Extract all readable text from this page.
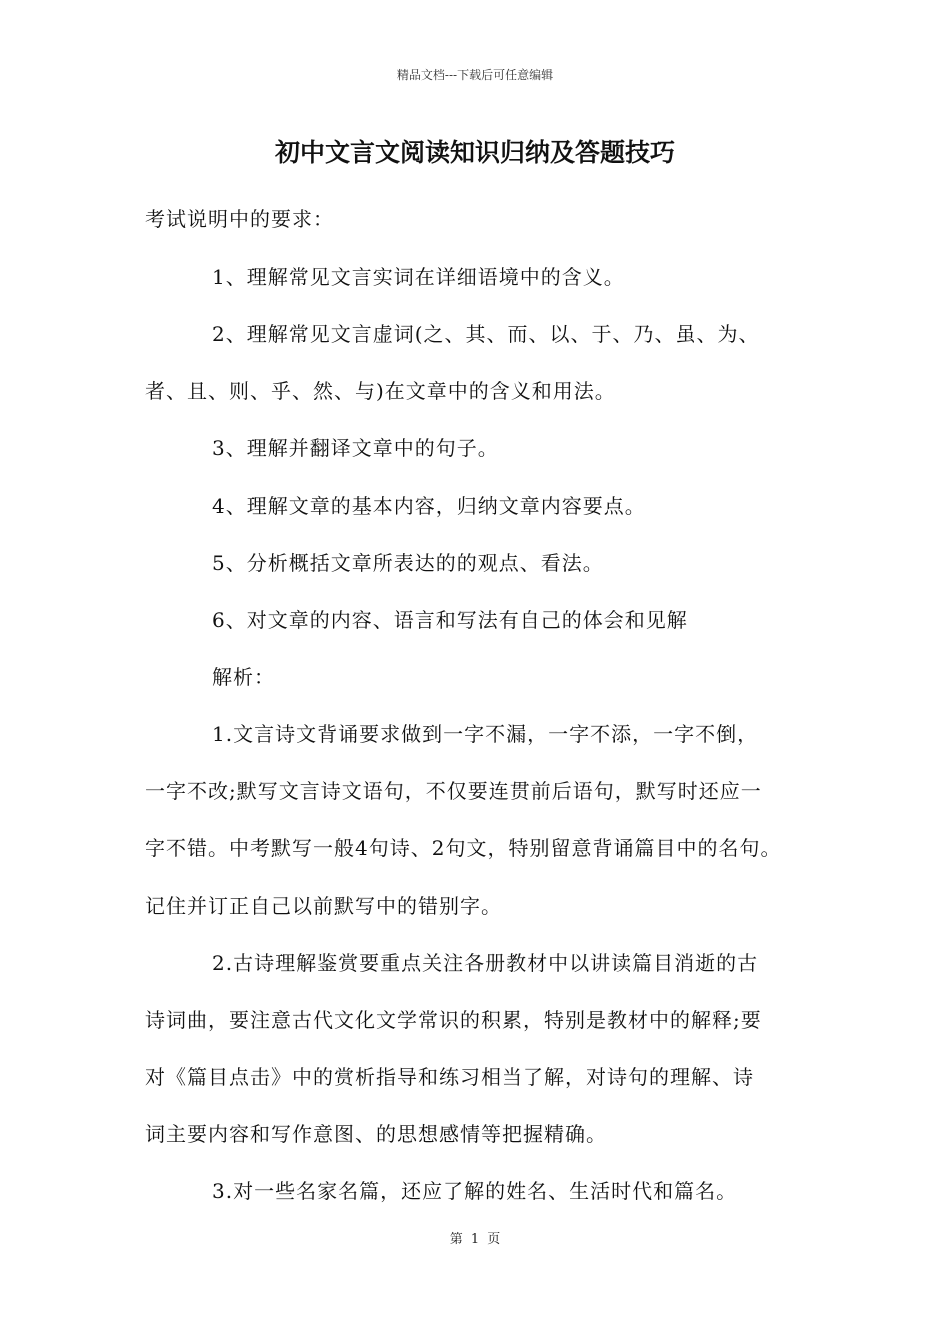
精品文档---下载后可任意编辑
初中文言文阅读知识归纳及答题技巧
考试说明中的要求：
1、理解常见文言实词在详细语境中的含义。
2、理解常见文言虚词(之、其、而、以、于、乃、虽、为、
者、且、则、乎、然、与)在文章中的含义和用法。
3、理解并翻译文章中的句子。
4、理解文章的基本内容，归纳文章内容要点。
5、分析概括文章所表达的的观点、看法。
6、对文章的内容、语言和写法有自己的体会和见解
解析：
1.文言诗文背诵要求做到一字不漏，一字不添，一字不倒，
一字不改;默写文言诗文语句，不仅要连贯前后语句，默写时还应一
字不错。中考默写一般4句诗、2句文，特别留意背诵篇目中的名句。
记住并订正自己以前默写中的错别字。
2.古诗理解鉴赏要重点关注各册教材中以讲读篇目消逝的古
诗词曲，要注意古代文化文学常识的积累，特别是教材中的解释;要
对《篇目点击》中的赏析指导和练习相当了解，对诗句的理解、诗
词主要内容和写作意图、的思想感情等把握精确。
3.对一些名家名篇，还应了解的姓名、生活时代和篇名。
第 1 页
